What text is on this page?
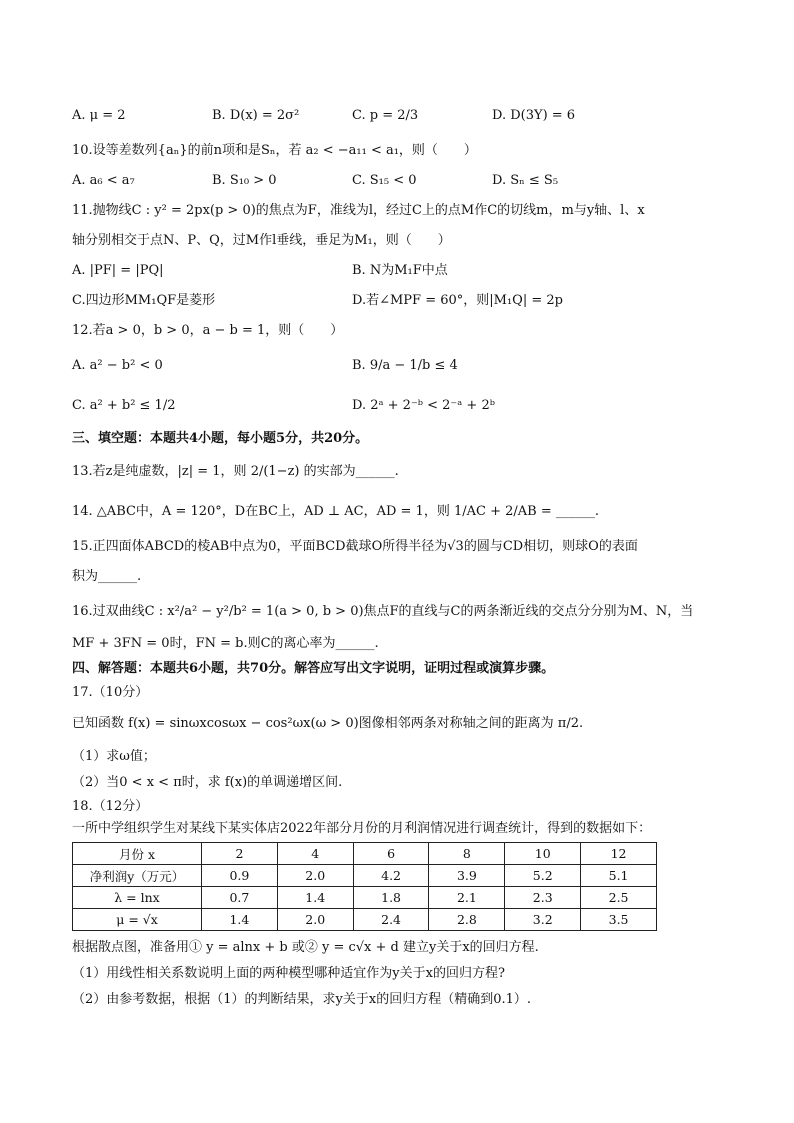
A. μ = 2	B. D(x) = 2σ²	C. p = 2/3	D. D(3Y) = 6
10.设等差数列{aₙ}的前n项和是Sₙ，若 a₂ < −a₁₁ < a₁，则（　　）
A. a₆ < a₇	B. S₁₀ > 0	C. S₁₅ < 0	D. Sₙ ≤ S₅
11.抛物线C : y² = 2px(p > 0)的焦点为F，准线为l，经过C上的点M作C的切线m，m与y轴、l、x
轴分别相交于点N、P、Q，过M作l垂线，垂足为M₁，则（　　）
A. |PF| = |PQ|	B. N为M₁F中点
C.四边形MM₁QF是菱形	D.若∠MPF = 60°，则|M₁Q| = 2p
12.若a > 0，b > 0，a − b = 1，则（　　）
A. a² − b² < 0	B. 9/a − 1/b ≤ 4
C. a² + b² ≤ 1/2	D. 2ᵃ + 2⁻ᵇ < 2⁻ᵃ + 2ᵇ
三、填空题：本题共4小题，每小题5分，共20分。
13.若z是纯虚数，|z| = 1，则 2/(1−z) 的实部为______.
14. △ABC中，A = 120°，D在BC上，AD ⊥ AC，AD = 1，则 1/AC + 2/AB = ______.
15.正四面体ABCD的棱AB中点为0，平面BCD截球O所得半径为√3的圆与CD相切，则球O的表面
积为______.
16.过双曲线C : x²/a² − y²/b² = 1(a > 0, b > 0)焦点F的直线与C的两条渐近线的交点分分别为M、N，当
MF + 3FN = 0时，FN = b.则C的离心率为______.
四、解答题：本题共6小题，共70分。解答应写出文字说明，证明过程或演算步骤。
17.（10分）
已知函数 f(x) = sinωxcosωx − cos²ωx(ω > 0)图像相邻两条对称轴之间的距离为 π/2.
（1）求ω值；
（2）当0 < x < π时，求 f(x)的单调递增区间.
18.（12分）
一所中学组织学生对某线下某实体店2022年部分月份的月利润情况进行调查统计，得到的数据如下：
月份 x	2	4	6	8	10	12
净利润y（万元）	0.9	2.0	4.2	3.9	5.2	5.1
λ = lnx	0.7	1.4	1.8	2.1	2.3	2.5
μ = √x	1.4	2.0	2.4	2.8	3.2	3.5
根据散点图，准备用① y = alnx + b 或② y = c√x + d 建立y关于x的回归方程.
（1）用线性相关系数说明上面的两种模型哪种适宜作为y关于x的回归方程?
（2）由参考数据，根据（1）的判断结果，求y关于x的回归方程（精确到0.1）.
